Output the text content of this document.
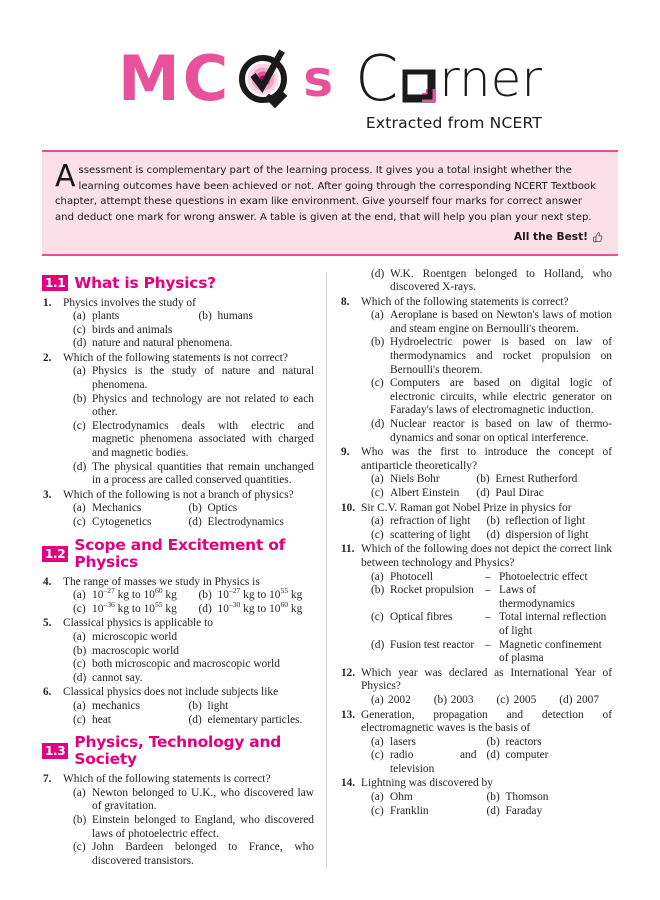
MC s C rner
Extracted from NCERT
A ssessment is complementary part of the learning process. It gives you a total insight whether the learning outcomes have been achieved or not. After going through the corresponding NCERT Textbook chapter, attempt these questions in exam like environment. Give yourself four marks for correct answer and deduct one mark for wrong answer. A table is given at the end, that will help you plan your next step.
All the Best!
1.1 What is Physics?
1.	Physics involves the study of
(a) plants	(b) humans
(c) birds and animals
(d) nature and natural phenomena.
2.	Which of the following statements is not correct?
(a) Physics is the study of nature and natural phenomena.
(b) Physics and technology are not related to each other.
(c) Electrodynamics deals with electric and magnetic phenomena associated with charged and magnetic bodies.
(d) The physical quantities that remain unchanged in a process are called conserved quantities.
3.	Which of the following is not a branch of physics?
(a) Mechanics	(b) Optics
(c) Cytogenetics	(d) Electrodynamics
1.2 Scope and Excitement of Physics
4.	The range of masses we study in Physics is
(a) $10^{-27}$ kg to $10^{60}$ kg	(b) $10^{-27}$ kg to $10^{55}$ kg
(c) $10^{-36}$ kg to $10^{55}$ kg	(d) $10^{-30}$ kg to $10^{60}$ kg
5.	Classical physics is applicable to
(a) microscopic world
(b) macroscopic world
(c) both microscopic and macroscopic world
(d) cannot say.
6.	Classical physics does not include subjects like
(a) mechanics	(b) light
(c) heat	(d) elementary particles.
1.3 Physics, Technology and Society
7.	Which of the following statements is correct?
(a) Newton belonged to U.K., who discovered law of gravitation.
(b) Einstein belonged to England, who discovered laws of photoelectric effect.
(c) John Bardeen belonged to France, who discovered transistors.
(d) W.K. Roentgen belonged to Holland, who discovered X-rays.
8.	Which of the following statements is correct?
(a) Aeroplane is based on Newton's laws of motion and steam engine on Bernoulli's theorem.
(b) Hydroelectric power is based on law of thermodynamics and rocket propulsion on Bernoulli's theorem.
(c) Computers are based on digital logic of electronic circuits, while electric generator on Faraday's laws of electromagnetic induction.
(d) Nuclear reactor is based on law of thermo-dynamics and sonar on optical interference.
9.	Who was the first to introduce the concept of antiparticle theoretically?
(a) Niels Bohr	(b) Ernest Rutherford
(c) Albert Einstein	(d) Paul Dirac
10. Sir C.V. Raman got Nobel Prize in physics for
(a) refraction of light	(b) reflection of light
(c) scattering of light	(d) dispersion of light
11. Which of the following does not depict the correct link between technology and Physics?
(a) Photocell	– Photoelectric effect
(b) Rocket propulsion – Laws of thermodynamics
(c) Optical fibres	– Total internal reflection of light
(d) Fusion test reactor – Magnetic confinement of plasma
12. Which year was declared as International Year of Physics?
(a) 2002	(b) 2003	(c) 2005	(d) 2007
13. Generation, propagation and detection of electromagnetic waves is the basis of
(a) lasers	(b) reactors
(c) radio and television
(d) computer
14. Lightning was discovered by
(a) Ohm	(b) Thomson
(c) Franklin	(d) Faraday
